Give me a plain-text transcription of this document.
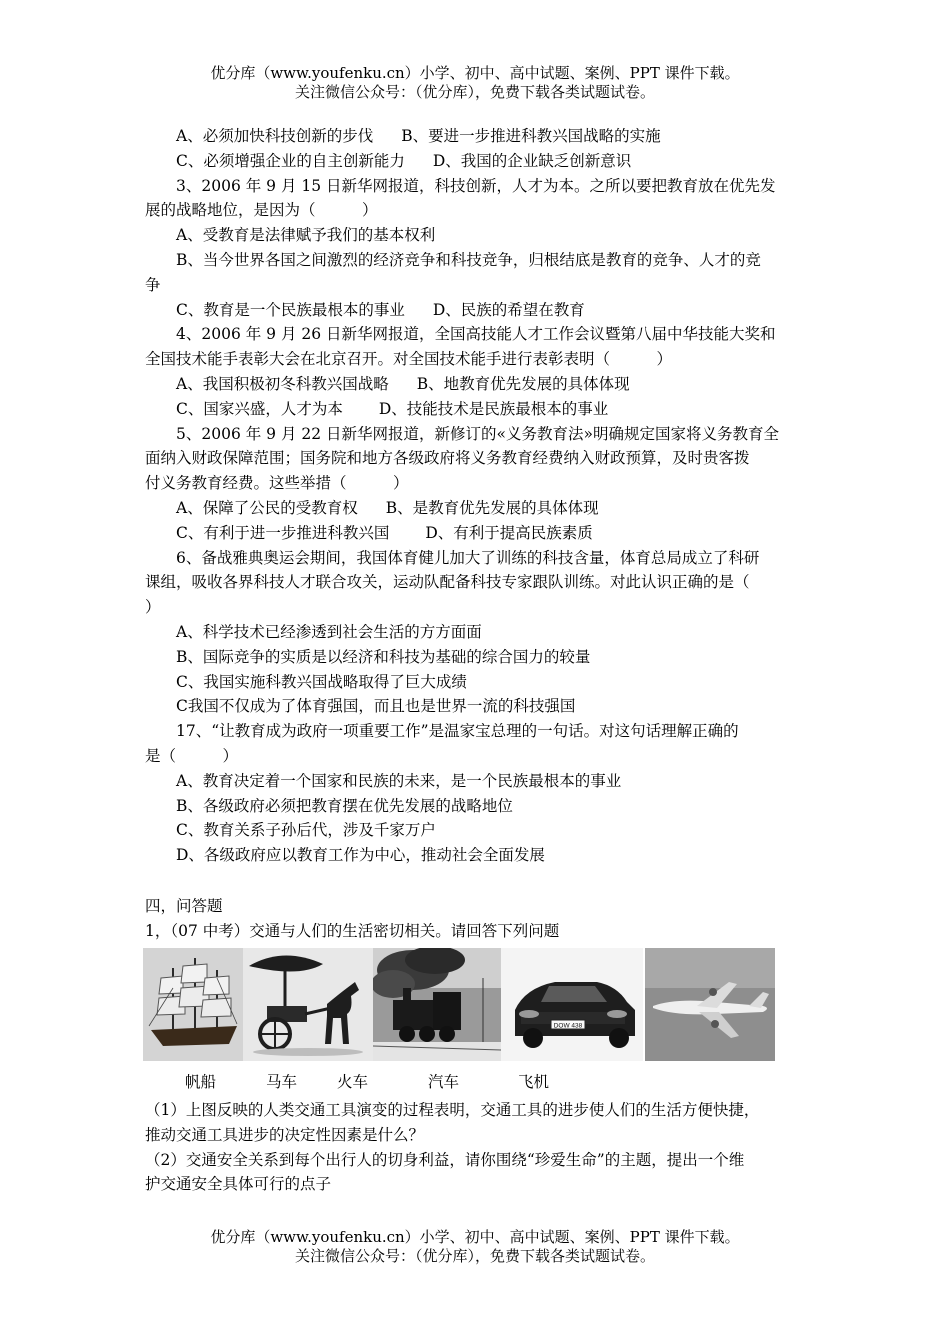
优分库（www.youfenku.cn）小学、初中、高中试题、案例、PPT 课件下载。
关注微信公众号：（优分库），免费下载各类试题试卷。
A、必须加快科技创新的步伐 B、要进一步推进科教兴国战略的实施
C、必须增强企业的自主创新能力 D、我国的企业缺乏创新意识
3、2006 年 9 月 15 日新华网报道，科技创新，人才为本。之所以要把教育放在优先发
展的战略地位，是因为（　　　）
A、受教育是法律赋予我们的基本权利
B、当今世界各国之间激烈的经济竞争和科技竞争，归根结底是教育的竞争、人才的竞
争
C、教育是一个民族最根本的事业 D、民族的希望在教育
4、2006 年 9 月 26 日新华网报道，全国高技能人才工作会议暨第八届中华技能大奖和
全国技术能手表彰大会在北京召开。对全国技术能手进行表彰表明（　　　）
A、我国积极初冬科教兴国战略 B、地教育优先发展的具体体现
C、国家兴盛，人才为本 D、技能技术是民族最根本的事业
5、2006 年 9 月 22 日新华网报道，新修订的«义务教育法»明确规定国家将义务教育全
面纳入财政保障范围；国务院和地方各级政府将义务教育经费纳入财政预算，及时贵客拨
付义务教育经费。这些举措（　　　）
A、保障了公民的受教育权 B、是教育优先发展的具体体现
C、有利于进一步推进科教兴国 D、有利于提高民族素质
6、备战雅典奥运会期间，我国体育健儿加大了训练的科技含量，体育总局成立了科研
课组，吸收各界科技人才联合攻关，运动队配备科技专家跟队训练。对此认识正确的是（
）
A、科学技术已经渗透到社会生活的方方面面
B、国际竞争的实质是以经济和科技为基础的综合国力的较量
C、我国实施科教兴国战略取得了巨大成绩
C我国不仅成为了体育强国，而且也是世界一流的科技强国
17、“让教育成为政府一项重要工作”是温家宝总理的一句话。对这句话理解正确的
是（　　　）
A、教育决定着一个国家和民族的未来，是一个民族最根本的事业
B、各级政府必须把教育摆在优先发展的战略地位
C、教育关系子孙后代，涉及千家万户
D、各级政府应以教育工作为中心，推动社会全面发展
四，问答题
1，（07 中考）交通与人们的生活密切相关。请回答下列问题
DOW 438
帆船	马车	火车	汽车	飞机
（1）上图反映的人类交通工具演变的过程表明，交通工具的进步使人们的生活方便快捷，
推动交通工具进步的决定性因素是什么？
（2）交通安全关系到每个出行人的切身利益，请你围绕“珍爱生命”的主题，提出一个维
护交通安全具体可行的点子
优分库（www.youfenku.cn）小学、初中、高中试题、案例、PPT 课件下载。
关注微信公众号：（优分库），免费下载各类试题试卷。
